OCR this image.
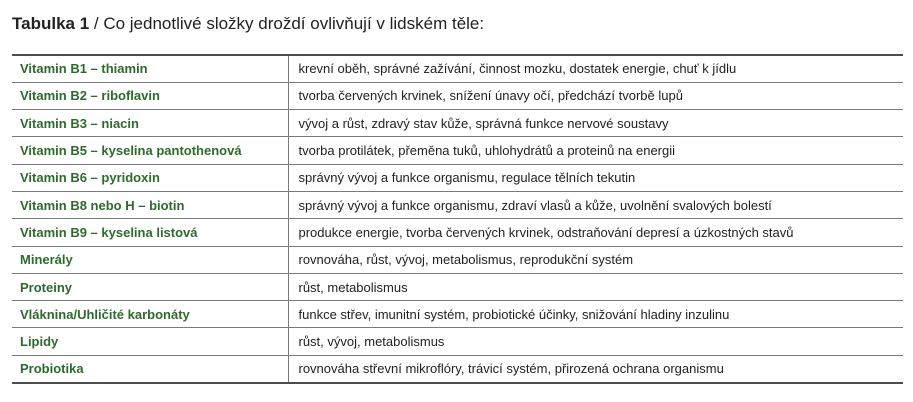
Tabulka 1 / Co jednotlivé složky droždí ovlivňují v lidském těle:
Vitamin B1 – thiamin	krevní oběh, správné zažívání, činnost mozku, dostatek energie, chuť k jídlu
Vitamin B2 – riboflavin	tvorba červených krvinek, snížení únavy očí, předchází tvorbě lupů
Vitamin B3 – niacin	vývoj a růst, zdravý stav kůže, správná funkce nervové soustavy
Vitamin B5 – kyselina pantothenová	tvorba protilátek, přeměna tuků, uhlohydrátů a proteinů na energii
Vitamin B6 – pyridoxin	správný vývoj a funkce organismu, regulace tělních tekutin
Vitamin B8 nebo H – biotin	správný vývoj a funkce organismu, zdraví vlasů a kůže, uvolnění svalových bolestí
Vitamin B9 – kyselina listová	produkce energie, tvorba červených krvinek, odstraňování depresí a úzkostných stavů
Minerály	rovnováha, růst, vývoj, metabolismus, reprodukční systém
Proteiny	růst, metabolismus
Vláknina/Uhličité karbonáty	funkce střev, imunitní systém, probiotické účinky, snižování hladiny inzulinu
Lipidy	růst, vývoj, metabolismus
Probiotika	rovnováha střevní mikroflóry, trávicí systém, přirozená ochrana organismu
